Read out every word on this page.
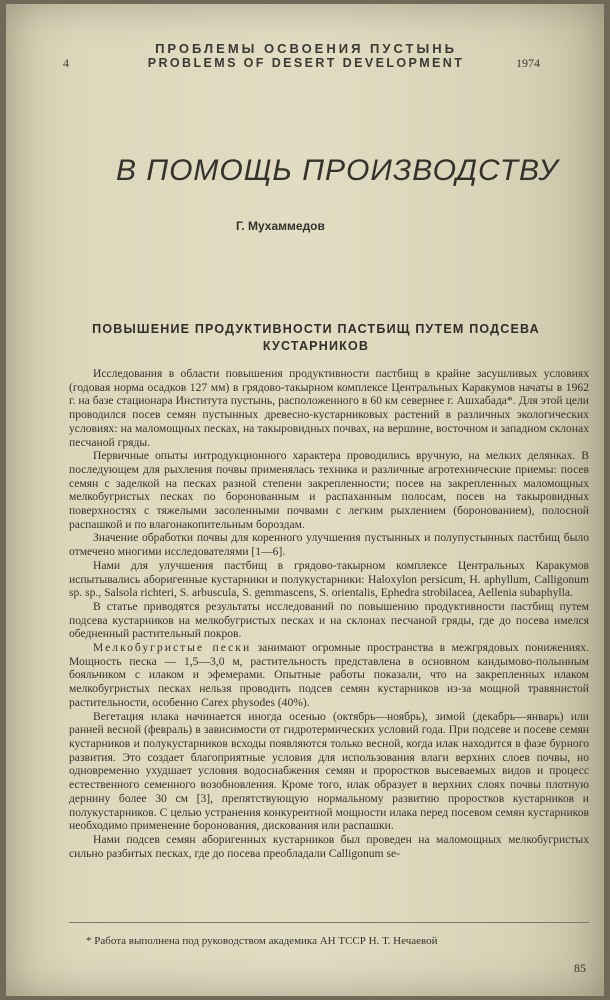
4
ПРОБЛЕМЫ ОСВОЕНИЯ ПУСТЫНЬ
PROBLEMS OF DESERT DEVELOPMENT	1974
В ПОМОЩЬ ПРОИЗВОДСТВУ
Г. Мухаммедов
ПОВЫШЕНИЕ ПРОДУКТИВНОСТИ ПАСТБИЩ ПУТЕМ ПОДСЕВА
КУСТАРНИКОВ

Исследования в области повышения продуктивности пастбищ в крайне засушливых условиях (годовая норма осадков 127 мм) в грядово-такырном комплексе Центральных Каракумов начаты в 1962 г. на базе стационара Института пустынь, расположенного в 60 км севернее г. Ашхабада*. Для этой цели проводился посев семян пустынных древесно-кустарниковых растений в различных экологических условиях: на маломощных песках, на такыровидных почвах, на вершине, восточном и западном склонах песчаной гряды.

Первичные опыты интродукционного характера проводились вручную, на мелких делянках. В последующем для рыхления почвы применялась техника и различные агротехнические приемы: посев семян с заделкой на песках разной степени закрепленности; посев на закрепленных маломощных мелкобугристых песках по боронованным и распаханным полосам, посев на такыровидных поверхностях с тяжелыми засоленными почвами с легким рыхлением (боронованием), полосной распашкой и по влагонакопительным бороздам.

Значение обработки почвы для коренного улучшения пустынных и полупустынных пастбищ было отмечено многими исследователями [1—6].

Нами для улучшения пастбищ в грядово-такырном комплексе Центральных Каракумов испытывались аборигенные кустарники и полукустарники: Haloxylon persicum, H. aphyllum, Calligonum sp. sp., Salsola richteri, S. arbuscula, S. gemmascens, S. orientalis, Ephedra strobilacea, Aellenia subaphylla.

В статье приводятся результаты исследований по повышению продуктивности пастбищ путем подсева кустарников на мелкобугристых песках и на склонах песчаной гряды, где до посева имелся обедненный растительный покров.

Мелкобугристые пески занимают огромные пространства в межгрядовых понижениях. Мощность песка — 1,5—3,0 м, растительность представлена в основном кандымово-полынным бояльчиком с илаком и эфемерами. Опытные работы показали, что на закрепленных илаком мелкобугристых песках нельзя проводить подсев семян кустарников из-за мощной травянистой растительности, особенно Carex physodes (40%).

Вегетация илака начинается иногда осенью (октябрь—ноябрь), зимой (декабрь—январь) или ранней весной (февраль) в зависимости от гидротермических условий года. При подсеве и посеве семян кустарников и полукустарников всходы появляются только весной, когда илак находится в фазе бурного развития. Это создает благоприятные условия для использования влаги верхних слоев почвы, но одновременно ухудшает условия водоснабжения семян и проростков высеваемых видов и процесс естественного семенного возобновления. Кроме того, илак образует в верхних слоях почвы плотную дернину более 30 см [3], препятствующую нормальному развитию проростков кустарников и полукустарников. С целью устранения конкурентной мощности илака перед посевом семян кустарников необходимо применение боронования, дискования или распашки.

Нами подсев семян аборигенных кустарников был проведен на маломощных мелкобугристых сильно разбитых песках, где до посева преобладали Calligonum se-

* Работа выполнена под руководством академика АН ТССР Н. Т. Нечаевой
85
